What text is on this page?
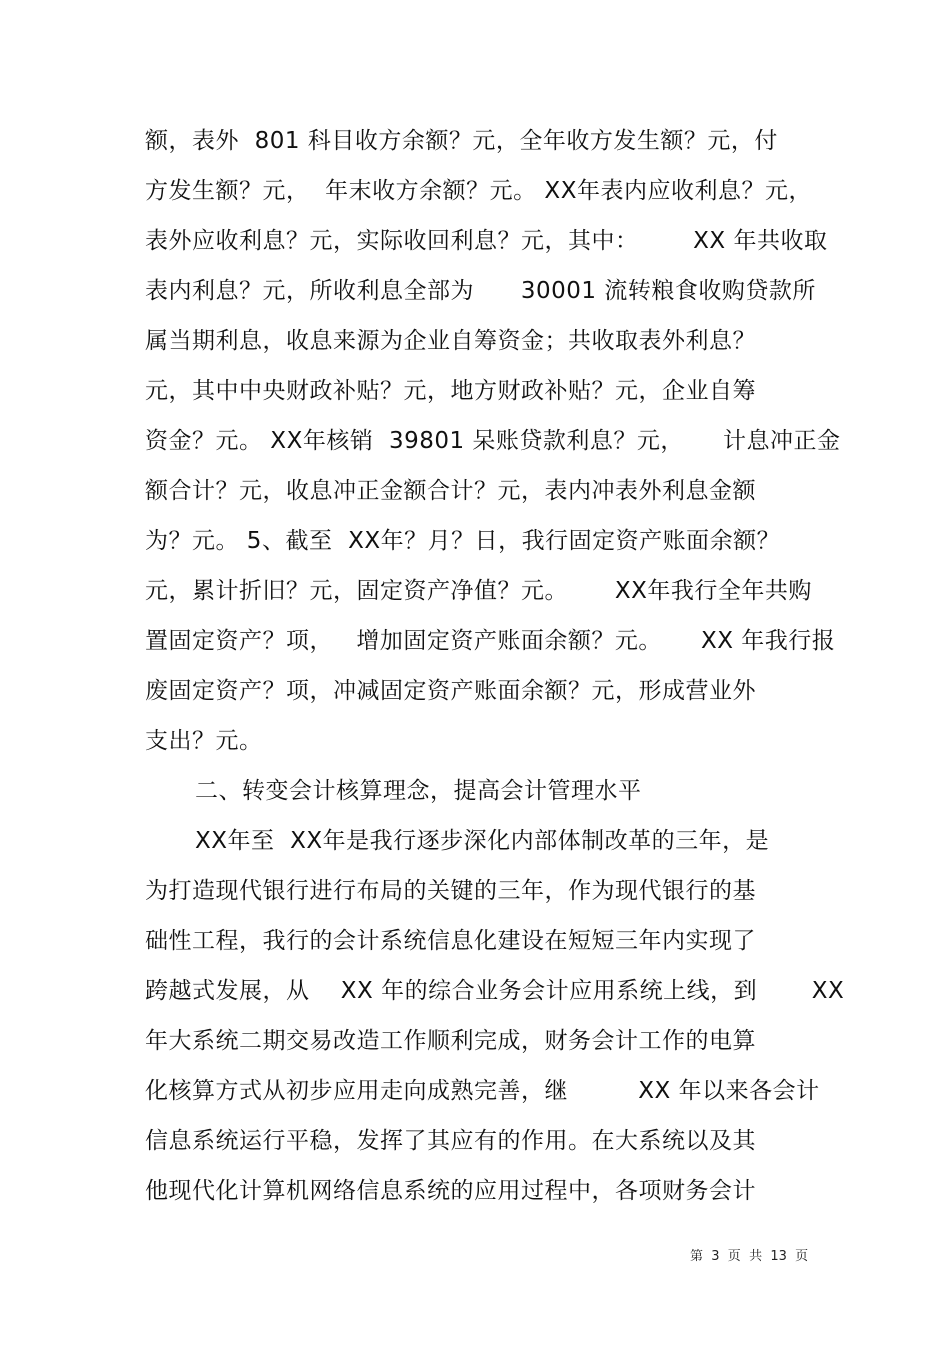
额，表外  801 科目收方余额？元，全年收方发生额？元，付
方发生额？元，  年末收方余额？元。 XX年表内应收利息？元，
表外应收利息？元，实际收回利息？元，其中：       XX 年共收取
表内利息？元，所收利息全部为      30001 流转粮食收购贷款所
属当期利息，收息来源为企业自筹资金；共收取表外利息？
元，其中中央财政补贴？元，地方财政补贴？元，企业自筹
资金？元。 XX年核销  39801 呆账贷款利息？元，     计息冲正金
额合计？元，收息冲正金额合计？元，表内冲表外利息金额
为？元。 5、截至  XX年？月？日，我行固定资产账面余额？
元，累计折旧？元，固定资产净值？元。      XX年我行全年共购
置固定资产？项，   增加固定资产账面余额？元。     XX 年我行报
废固定资产？项，冲减固定资产账面余额？元，形成营业外
支出？元。
二、转变会计核算理念，提高会计管理水平
XX年至  XX年是我行逐步深化内部体制改革的三年，是
为打造现代银行进行布局的关键的三年，作为现代银行的基
础性工程，我行的会计系统信息化建设在短短三年内实现了
跨越式发展，从    XX 年的综合业务会计应用系统上线，到       XX
年大系统二期交易改造工作顺利完成，财务会计工作的电算
化核算方式从初步应用走向成熟完善，继         XX 年以来各会计
信息系统运行平稳，发挥了其应有的作用。在大系统以及其
他现代化计算机网络信息系统的应用过程中，各项财务会计
第  3  页  共  13  页
